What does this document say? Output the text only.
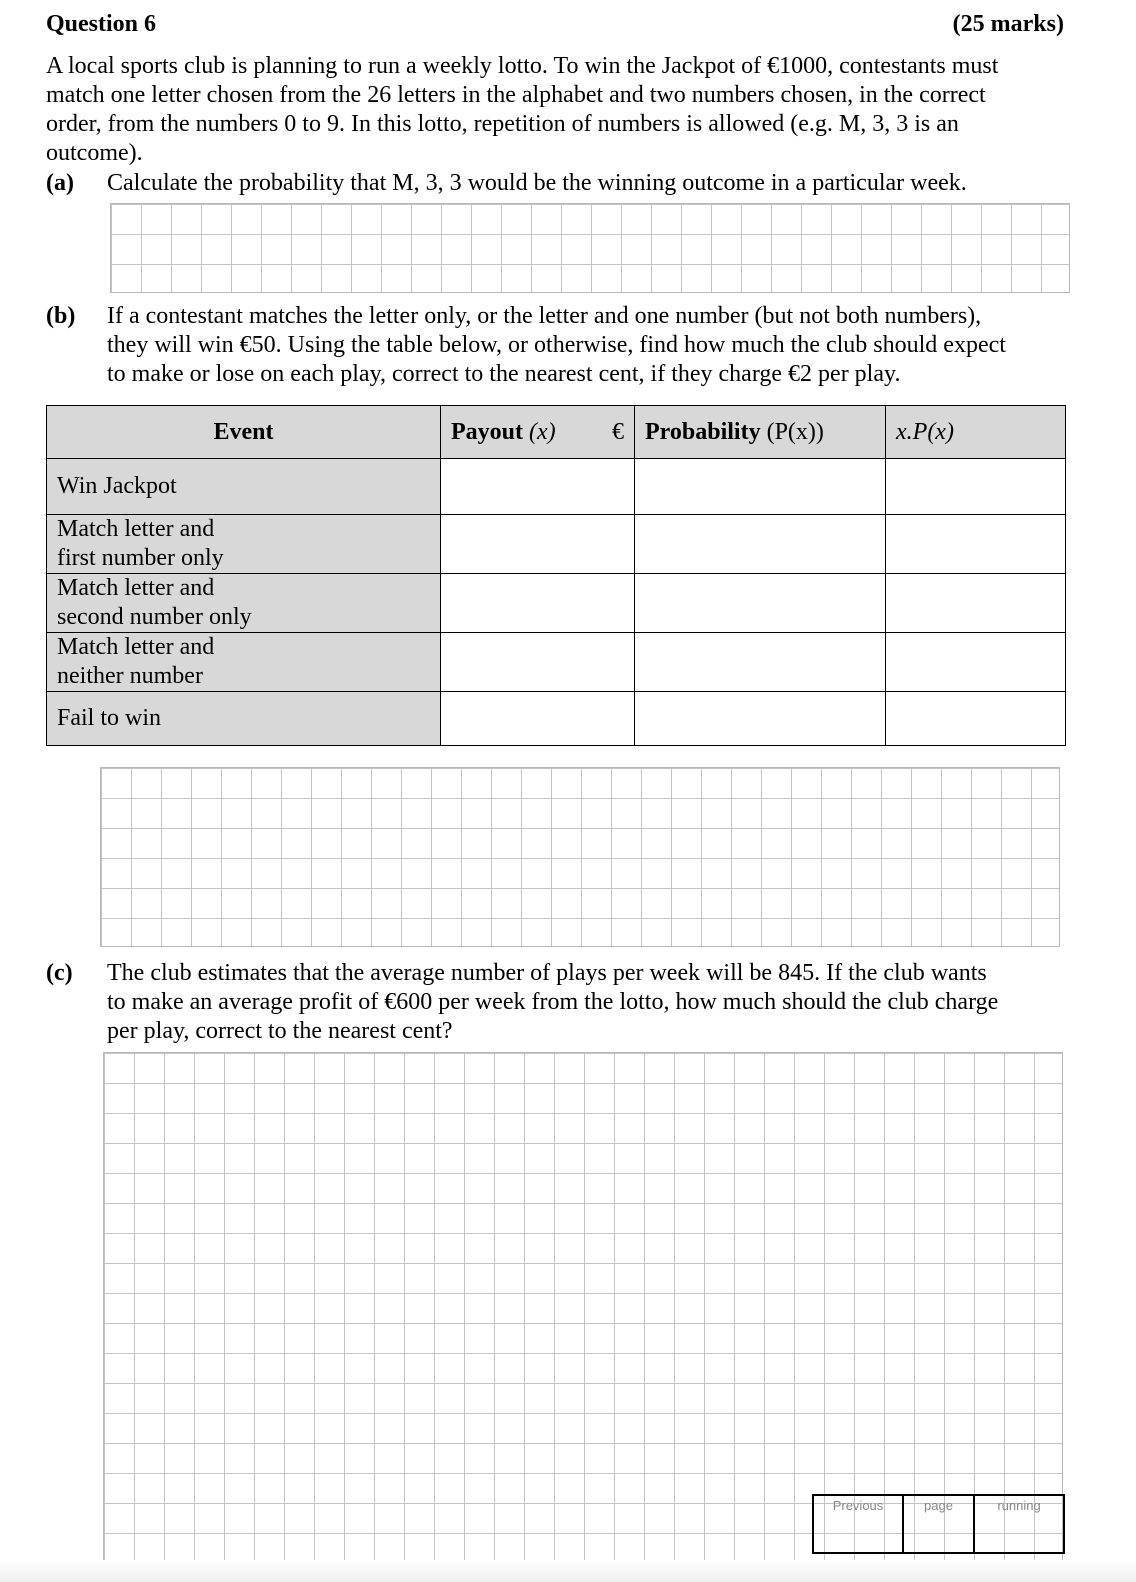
Question 6	(25 marks)
A local sports club is planning to run a weekly lotto. To win the Jackpot of €1000, contestants must
match one letter chosen from the 26 letters in the alphabet and two numbers chosen, in the correct
order, from the numbers 0 to 9. In this lotto, repetition of numbers is allowed (e.g. M, 3, 3 is an
outcome).
(a) Calculate the probability that M, 3, 3 would be the winning outcome in a particular week.
(b) If a contestant matches the letter only, or the letter and one number (but not both numbers),
they will win €50. Using the table below, or otherwise, find how much the club should expect
to make or lose on each play, correct to the nearest cent, if they charge €2 per play.
Event	Payout (x) €	Probability (P(x))	x.P(x)

Win Jackpot			

Match letter and
first number only			

Match letter and
second number only			

Match letter and
neither number			

Fail to win			

(c) The club estimates that the average number of plays per week will be 845. If the club wants
to make an average profit of €600 per week from the lotto, how much should the club charge
per play, correct to the nearest cent?
Previous	page	running
